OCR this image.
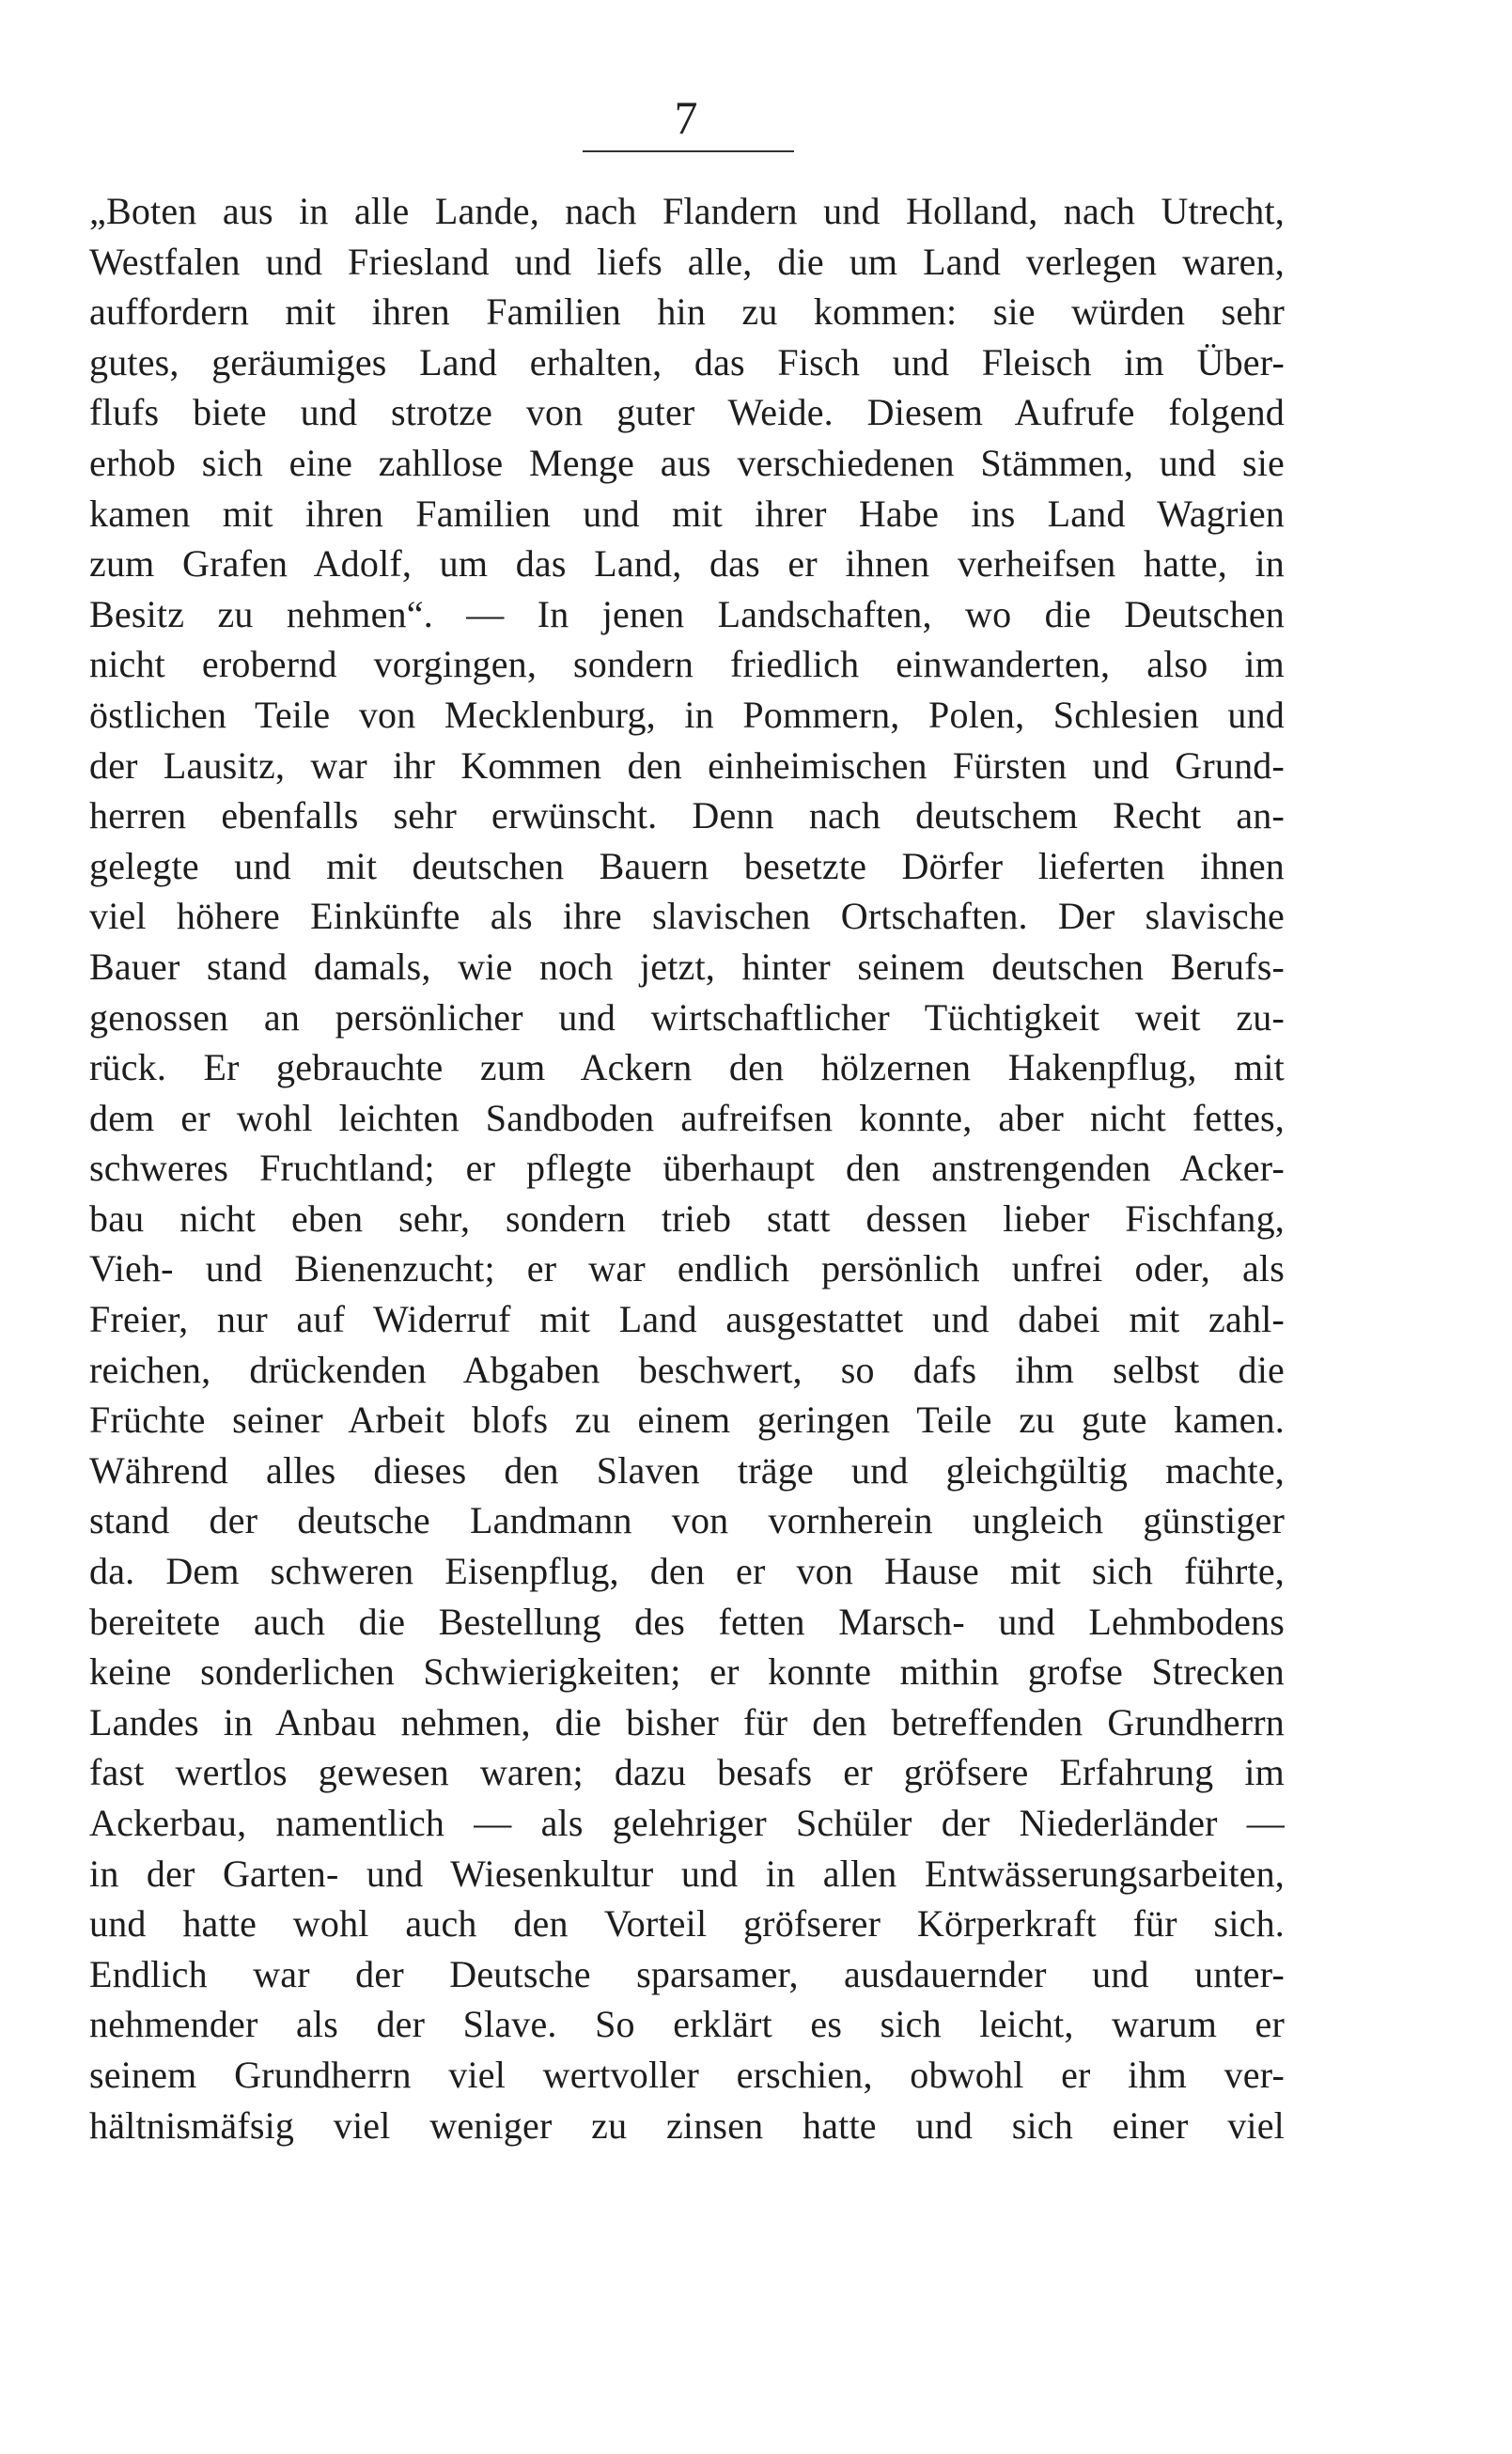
7
„Boten aus in alle Lande, nach Flandern und Holland, nach Utrecht,
Westfalen und Friesland und liefs alle, die um Land verlegen waren,
auffordern mit ihren Familien hin zu kommen: sie würden sehr
gutes, geräumiges Land erhalten, das Fisch und Fleisch im Über-
flufs biete und strotze von guter Weide. Diesem Aufrufe folgend
erhob sich eine zahllose Menge aus verschiedenen Stämmen, und sie
kamen mit ihren Familien und mit ihrer Habe ins Land Wagrien
zum Grafen Adolf, um das Land, das er ihnen verheifsen hatte, in
Besitz zu nehmen“. — In jenen Landschaften, wo die Deutschen
nicht erobernd vorgingen, sondern friedlich einwanderten, also im
östlichen Teile von Mecklenburg, in Pommern, Polen, Schlesien und
der Lausitz, war ihr Kommen den einheimischen Fürsten und Grund-
herren ebenfalls sehr erwünscht. Denn nach deutschem Recht an-
gelegte und mit deutschen Bauern besetzte Dörfer lieferten ihnen
viel höhere Einkünfte als ihre slavischen Ortschaften. Der slavische
Bauer stand damals, wie noch jetzt, hinter seinem deutschen Berufs-
genossen an persönlicher und wirtschaftlicher Tüchtigkeit weit zu-
rück. Er gebrauchte zum Ackern den hölzernen Hakenpflug, mit
dem er wohl leichten Sandboden aufreifsen konnte, aber nicht fettes,
schweres Fruchtland; er pflegte überhaupt den anstrengenden Acker-
bau nicht eben sehr, sondern trieb statt dessen lieber Fischfang,
Vieh- und Bienenzucht; er war endlich persönlich unfrei oder, als
Freier, nur auf Widerruf mit Land ausgestattet und dabei mit zahl-
reichen, drückenden Abgaben beschwert, so dafs ihm selbst die
Früchte seiner Arbeit blofs zu einem geringen Teile zu gute kamen.
Während alles dieses den Slaven träge und gleichgültig machte,
stand der deutsche Landmann von vornherein ungleich günstiger
da. Dem schweren Eisenpflug, den er von Hause mit sich führte,
bereitete auch die Bestellung des fetten Marsch- und Lehmbodens
keine sonderlichen Schwierigkeiten; er konnte mithin grofse Strecken
Landes in Anbau nehmen, die bisher für den betreffenden Grundherrn
fast wertlos gewesen waren; dazu besafs er gröfsere Erfahrung im
Ackerbau, namentlich — als gelehriger Schüler der Niederländer —
in der Garten- und Wiesenkultur und in allen Entwässerungsarbeiten,
und hatte wohl auch den Vorteil gröfserer Körperkraft für sich.
Endlich war der Deutsche sparsamer, ausdauernder und unter-
nehmender als der Slave. So erklärt es sich leicht, warum er
seinem Grundherrn viel wertvoller erschien, obwohl er ihm ver-
hältnismäfsig viel weniger zu zinsen hatte und sich einer viel
